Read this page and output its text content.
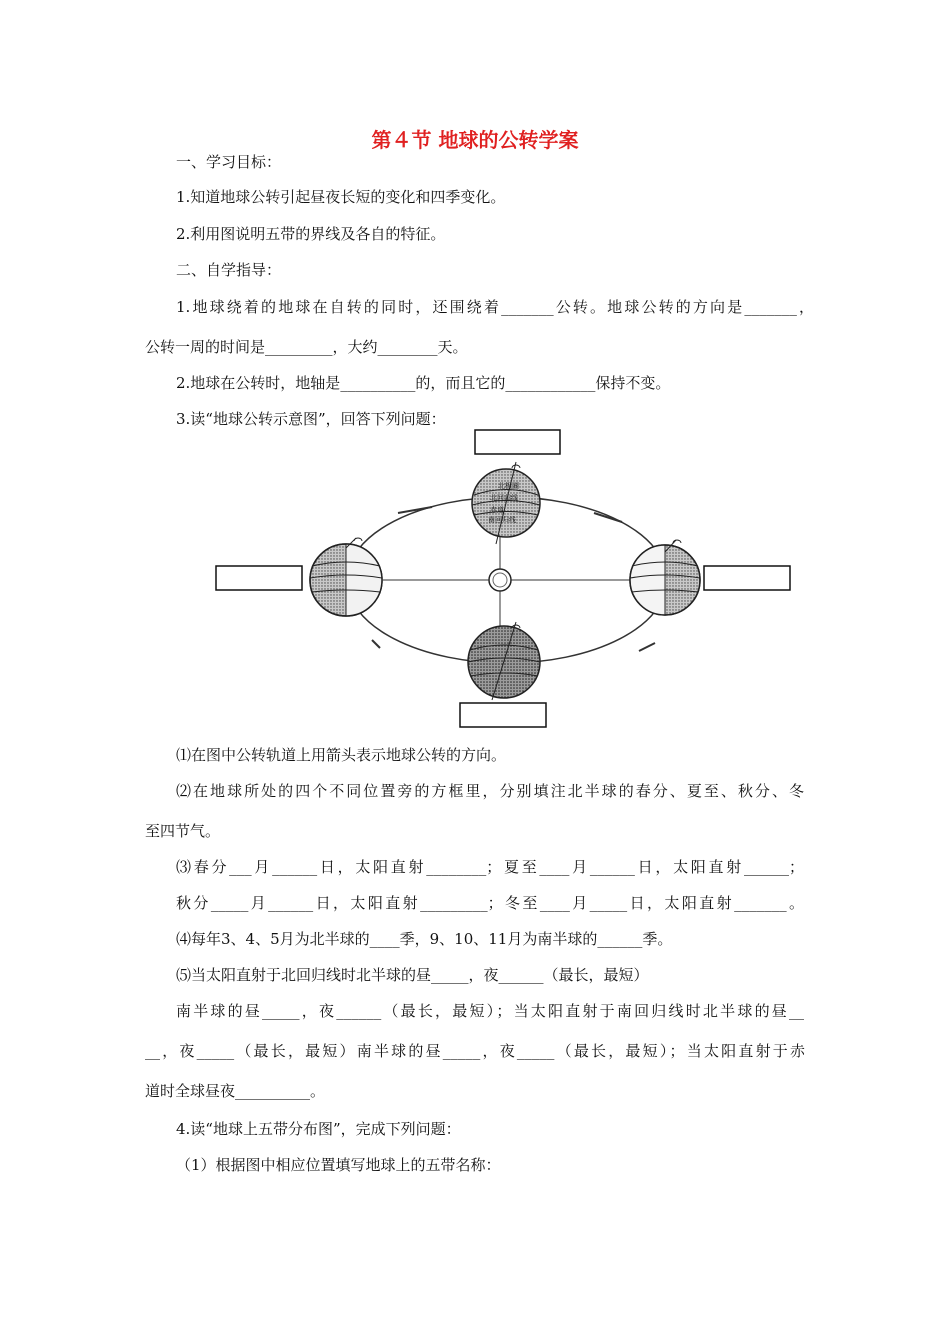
第４节 地球的公转学案
一、学习目标：
1.知道地球公转引起昼夜长短的变化和四季变化。
2.利用图说明五带的界线及各自的特征。
二、自学指导：
1.地球绕着的地球在自转的同时，还围绕着_______公转。地球公转的方向是_______，
公转一周的时间是_________，大约________天。
2.地球在公转时，地轴是__________的，而且它的____________保持不变。
3.读“地球公转示意图”，回答下列问题：
北极圈
北回归线
赤道
南回归线
⑴在图中公转轨道上用箭头表示地球公转的方向。
⑵在地球所处的四个不同位置旁的方框里，分别填注北半球的春分、夏至、秋分、冬
至四节气。
⑶春分___月______日，太阳直射________；夏至____月______日，太阳直射______；
秋分_____月______日，太阳直射_________；冬至____月_____日，太阳直射_______。
⑷每年3、4、5月为北半球的____季，9、10、11月为南半球的______季。
⑸当太阳直射于北回归线时北半球的昼_____，夜______（最长，最短）
南半球的昼_____，夜______（最长，最短）；当太阳直射于南回归线时北半球的昼__
__，夜_____（最长，最短）南半球的昼_____，夜_____（最长，最短）；当太阳直射于赤
道时全球昼夜__________。
4.读“地球上五带分布图”，完成下列问题：
（1）根据图中相应位置填写地球上的五带名称：
